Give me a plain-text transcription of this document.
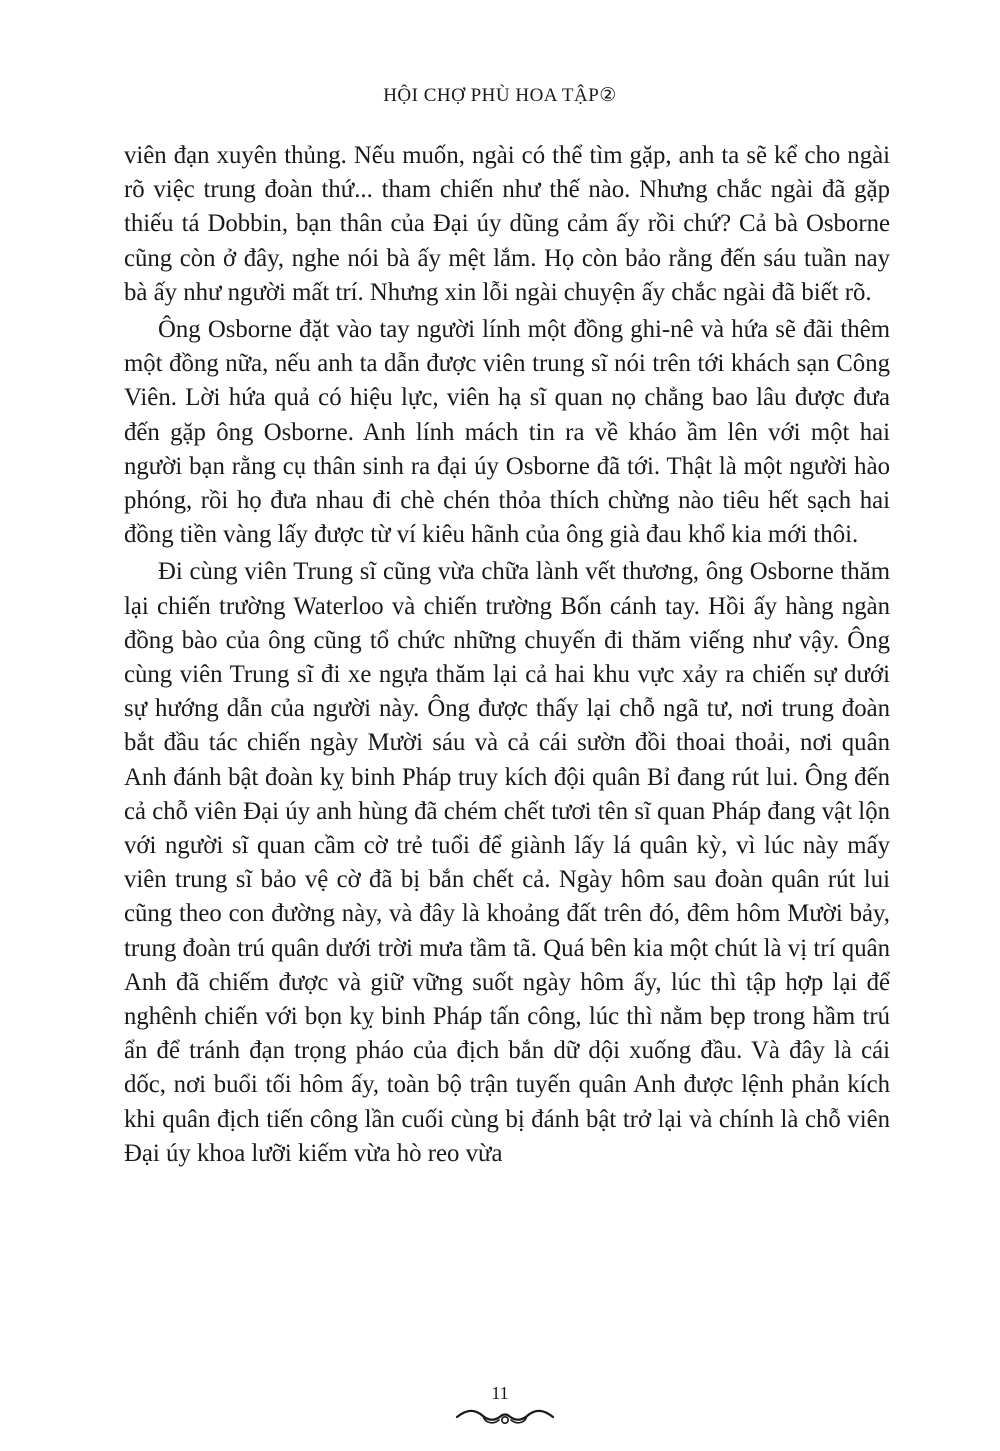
HỘI CHỢ PHÙ HOA TẬP②

viên đạn xuyên thủng. Nếu muốn, ngài có thể tìm gặp, anh ta sẽ kể cho ngài rõ việc trung đoàn thứ... tham chiến như thế nào. Nhưng chắc ngài đã gặp thiếu tá Dobbin, bạn thân của Đại úy dũng cảm ấy rồi chứ? Cả bà Osborne cũng còn ở đây, nghe nói bà ấy mệt lắm. Họ còn bảo rằng đến sáu tuần nay bà ấy như người mất trí. Nhưng xin lỗi ngài chuyện ấy chắc ngài đã biết rõ.

Ông Osborne đặt vào tay người lính một đồng ghi-nê và hứa sẽ đãi thêm một đồng nữa, nếu anh ta dẫn được viên trung sĩ nói trên tới khách sạn Công Viên. Lời hứa quả có hiệu lực, viên hạ sĩ quan nọ chẳng bao lâu được đưa đến gặp ông Osborne. Anh lính mách tin ra về kháo ầm lên với một hai người bạn rằng cụ thân sinh ra đại úy Osborne đã tới. Thật là một người hào phóng, rồi họ đưa nhau đi chè chén thỏa thích chừng nào tiêu hết sạch hai đồng tiền vàng lấy được từ ví kiêu hãnh của ông già đau khổ kia mới thôi.

Đi cùng viên Trung sĩ cũng vừa chữa lành vết thương, ông Osborne thăm lại chiến trường Waterloo và chiến trường Bốn cánh tay. Hồi ấy hàng ngàn đồng bào của ông cũng tổ chức những chuyến đi thăm viếng như vậy. Ông cùng viên Trung sĩ đi xe ngựa thăm lại cả hai khu vực xảy ra chiến sự dưới sự hướng dẫn của người này. Ông được thấy lại chỗ ngã tư, nơi trung đoàn bắt đầu tác chiến ngày Mười sáu và cả cái sườn đồi thoai thoải, nơi quân Anh đánh bật đoàn kỵ binh Pháp truy kích đội quân Bỉ đang rút lui. Ông đến cả chỗ viên Đại úy anh hùng đã chém chết tươi tên sĩ quan Pháp đang vật lộn với người sĩ quan cầm cờ trẻ tuổi để giành lấy lá quân kỳ, vì lúc này mấy viên trung sĩ bảo vệ cờ đã bị bắn chết cả. Ngày hôm sau đoàn quân rút lui cũng theo con đường này, và đây là khoảng đất trên đó, đêm hôm Mười bảy, trung đoàn trú quân dưới trời mưa tầm tã. Quá bên kia một chút là vị trí quân Anh đã chiếm được và giữ vững suốt ngày hôm ấy, lúc thì tập hợp lại để nghênh chiến với bọn kỵ binh Pháp tấn công, lúc thì nằm bẹp trong hầm trú ẩn để tránh đạn trọng pháo của địch bắn dữ dội xuống đầu. Và đây là cái dốc, nơi buổi tối hôm ấy, toàn bộ trận tuyến quân Anh được lệnh phản kích khi quân địch tiến công lần cuối cùng bị đánh bật trở lại và chính là chỗ viên Đại úy khoa lưỡi kiếm vừa hò reo vừa

11
